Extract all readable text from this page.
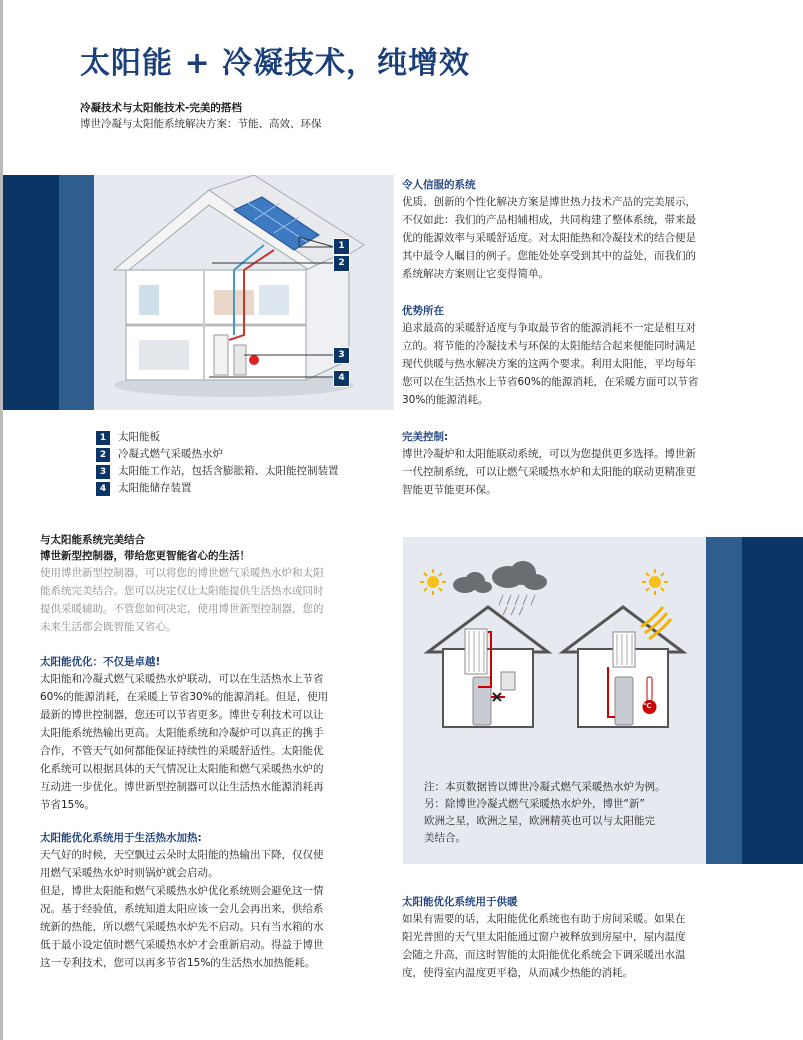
太阳能 + 冷凝技术，纯增效
冷凝技术与太阳能技术-完美的搭档
博世冷凝与太阳能系统解决方案：节能、高效、环保
1
2
3
4
1	太阳能板
2	冷凝式燃气采暖热水炉
3	太阳能工作站，包括含膨胀箱、太阳能控制装置
4	太阳能储存装置
与太阳能系统完美结合
博世新型控制器，带给您更智能省心的生活！
使用博世新型控制器，可以将您的博世燃气采暖热水炉和太阳
能系统完美结合。您可以决定仅让太阳能提供生活热水或同时
提供采暖辅助。不管您如何决定，使用博世新型控制器，您的
未来生活都会既智能又省心。
太阳能优化：不仅是卓越!
太阳能和冷凝式燃气采暖热水炉联动，可以在生活热水上节省
60%的能源消耗，在采暖上节省30%的能源消耗。但是，使用
最新的博世控制器，您还可以节省更多。博世专利技术可以让
太阳能系统热输出更高。太阳能系统和冷凝炉可以真正的携手
合作，不管天气如何都能保证持续性的采暖舒适性。太阳能优
化系统可以根据具体的天气情况让太阳能和燃气采暖热水炉的
互动进一步优化。博世新型控制器可以让生活热水能源消耗再
节省15%。
太阳能优化系统用于生活热水加热:
天气好的时候，天空飘过云朵时太阳能的热输出下降，仅仅使
用燃气采暖热水炉时则锅炉就会启动。
但是，博世太阳能和燃气采暖热水炉优化系统则会避免这一情
况。基于经验值，系统知道太阳应该一会儿会再出来，供给系
统新的热能，所以燃气采暖热水炉先不启动。只有当水箱的水
低于最小设定值时燃气采暖热水炉才会重新启动。得益于博世
这一专利技术，您可以再多节省15%的生活热水加热能耗。
令人信服的系统
优质、创新的个性化解决方案是博世热力技术产品的完美展示，
不仅如此：我们的产品相辅相成，共同构建了整体系统，带来最
优的能源效率与采暖舒适度。对太阳能热和冷凝技术的结合便是
其中最令人瞩目的例子。您能处处享受到其中的益处，而我们的
系统解决方案则让它变得简单。
优势所在
追求最高的采暖舒适度与争取最节省的能源消耗不一定是相互对
立的。将节能的冷凝技术与环保的太阳能结合起来便能同时满足
现代供暖与热水解决方案的这两个要求。利用太阳能，平均每年
您可以在生活热水上节省60%的能源消耗，在采暖方面可以节省
30%的能源消耗。
完美控制:
博世冷凝炉和太阳能联动系统，可以为您提供更多选择。博世新
一代控制系统，可以让燃气采暖热水炉和太阳能的联动更精准更
智能更节能更环保。
℃
注：本页数据皆以博世冷凝式燃气采暖热水炉为例。
另：除博世冷凝式燃气采暖热水炉外，博世“新”
欧洲之星，欧洲之星，欧洲精英也可以与太阳能完
美结合。
太阳能优化系统用于供暖
如果有需要的话，太阳能优化系统也有助于房间采暖。如果在
阳光普照的天气里太阳能通过窗户被释放到房屋中，屋内温度
会随之升高，而这时智能的太阳能优化系统会下调采暖出水温
度，使得室内温度更平稳，从而减少热能的消耗。
